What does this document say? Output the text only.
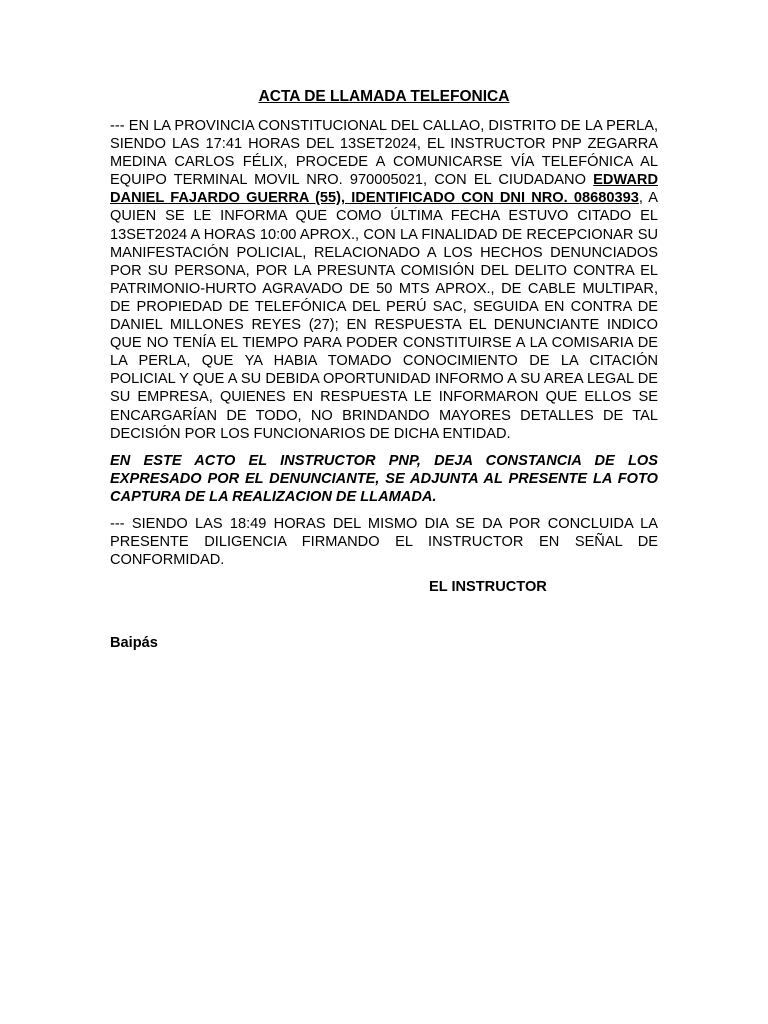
ACTA DE LLAMADA TELEFONICA

--- EN LA PROVINCIA CONSTITUCIONAL DEL CALLAO, DISTRITO DE LA PERLA, SIENDO LAS 17:41 HORAS DEL 13SET2024, EL INSTRUCTOR PNP ZEGARRA MEDINA CARLOS FÉLIX, PROCEDE A COMUNICARSE VÍA TELEFÓNICA AL EQUIPO TERMINAL MOVIL NRO. 970005021, CON EL CIUDADANO EDWARD DANIEL FAJARDO GUERRA (55), IDENTIFICADO CON DNI NRO. 08680393, A QUIEN SE LE INFORMA QUE COMO ÚLTIMA FECHA ESTUVO CITADO EL 13SET2024 A HORAS 10:00 APROX., CON LA FINALIDAD DE RECEPCIONAR SU MANIFESTACIÓN POLICIAL, RELACIONADO A LOS HECHOS DENUNCIADOS POR SU PERSONA, POR LA PRESUNTA COMISIÓN DEL DELITO CONTRA EL PATRIMONIO-HURTO AGRAVADO DE 50 MTS APROX., DE CABLE MULTIPAR, DE PROPIEDAD DE TELEFÓNICA DEL PERÚ SAC, SEGUIDA EN CONTRA DE DANIEL MILLONES REYES (27); EN RESPUESTA EL DENUNCIANTE INDICO QUE NO TENÍA EL TIEMPO PARA PODER CONSTITUIRSE A LA COMISARIA DE LA PERLA, QUE YA HABIA TOMADO CONOCIMIENTO DE LA CITACIÓN POLICIAL Y QUE A SU DEBIDA OPORTUNIDAD INFORMO A SU AREA LEGAL DE SU EMPRESA, QUIENES EN RESPUESTA LE INFORMARON QUE ELLOS SE ENCARGARÍAN DE TODO, NO BRINDANDO MAYORES DETALLES DE TAL DECISIÓN POR LOS FUNCIONARIOS DE DICHA ENTIDAD.

EN ESTE ACTO EL INSTRUCTOR PNP, DEJA CONSTANCIA DE LOS EXPRESADO POR EL DENUNCIANTE, SE ADJUNTA AL PRESENTE LA FOTO CAPTURA DE LA REALIZACION DE LLAMADA.

--- SIENDO LAS 18:49 HORAS DEL MISMO DIA SE DA POR CONCLUIDA LA PRESENTE DILIGENCIA FIRMANDO EL INSTRUCTOR EN SEÑAL DE CONFORMIDAD.

EL INSTRUCTOR
Baipás
